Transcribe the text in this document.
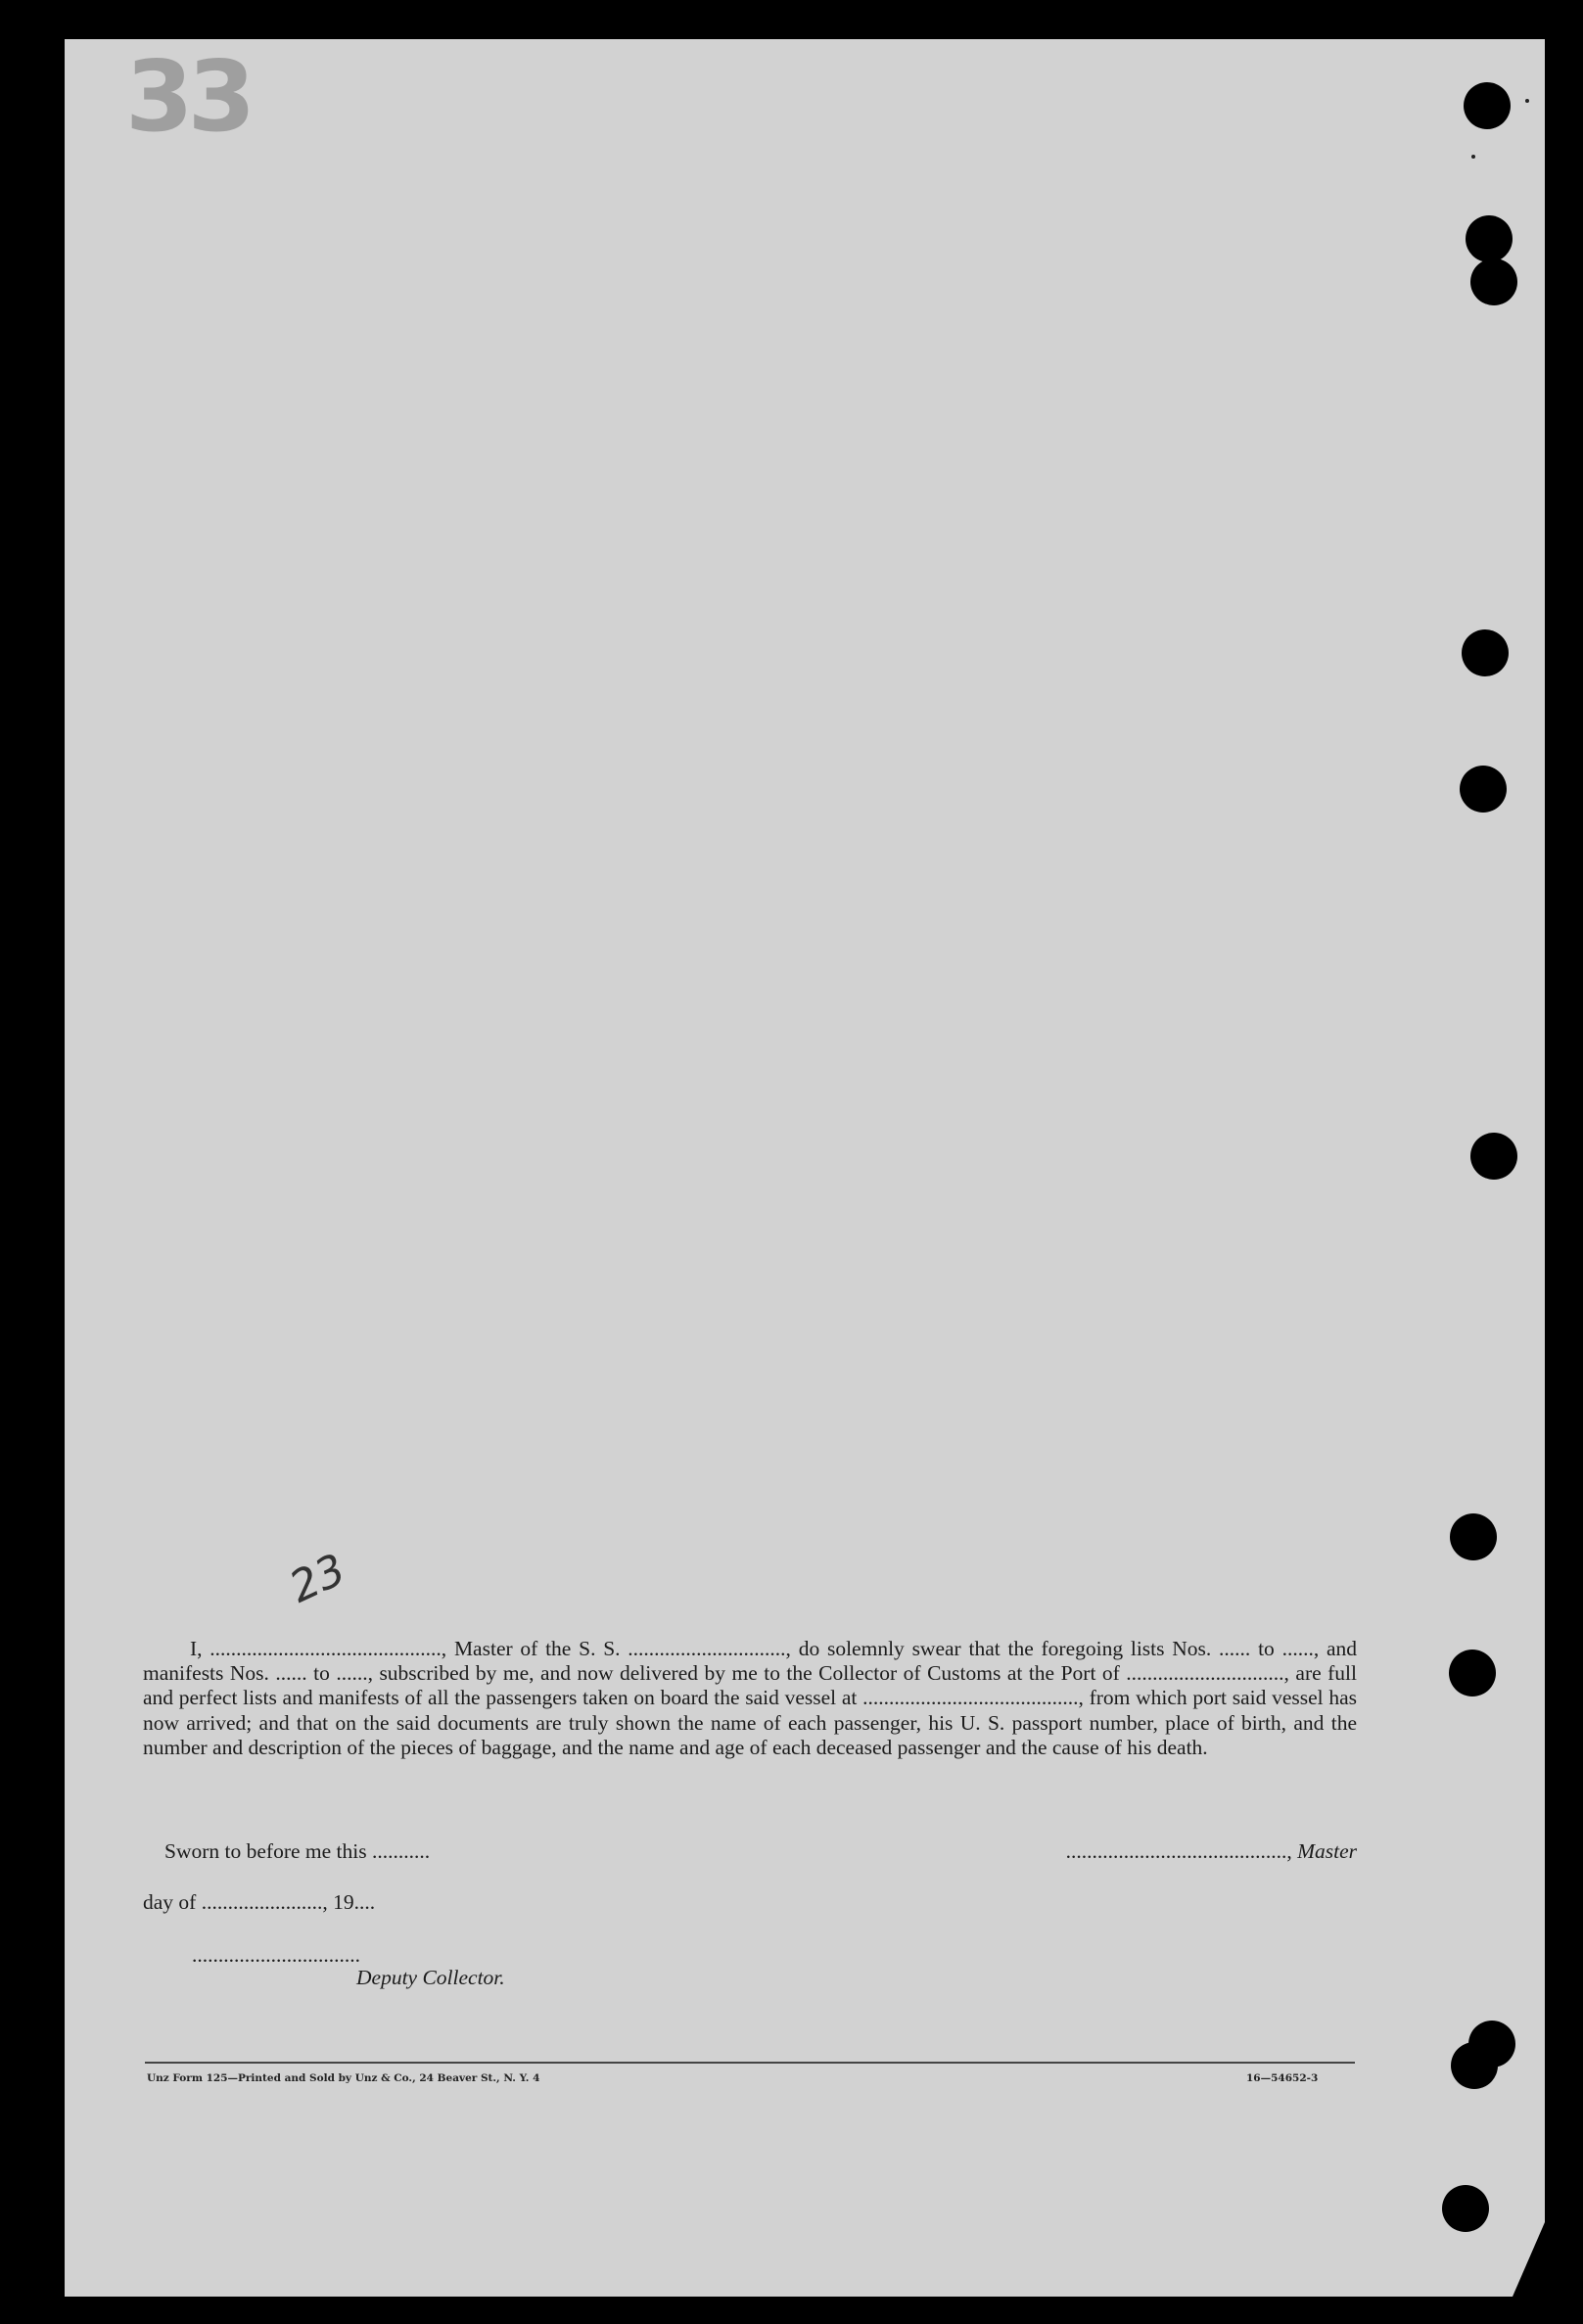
33
23

I, ............................................, Master of the S. S. .............................., do solemnly swear that the foregoing lists Nos. ...... to ......, and manifests Nos. ...... to ......, subscribed by me, and now delivered by me to the Collector of Customs at the Port of .............................., are full and perfect lists and manifests of all the passengers taken on board the said vessel at ........................................., from which port said vessel has now arrived; and that on the said documents are truly shown the name of each passenger, his U. S. passport number, place of birth, and the number and description of the pieces of baggage, and the name and age of each deceased passenger and the cause of his death.

Sworn to before me this ...........	.........................................., Master
day of ......................., 19....
................................
Deputy Collector.
Unz Form 125—Printed and Sold by Unz & Co., 24 Beaver St., N. Y. 4	16—54652-3
